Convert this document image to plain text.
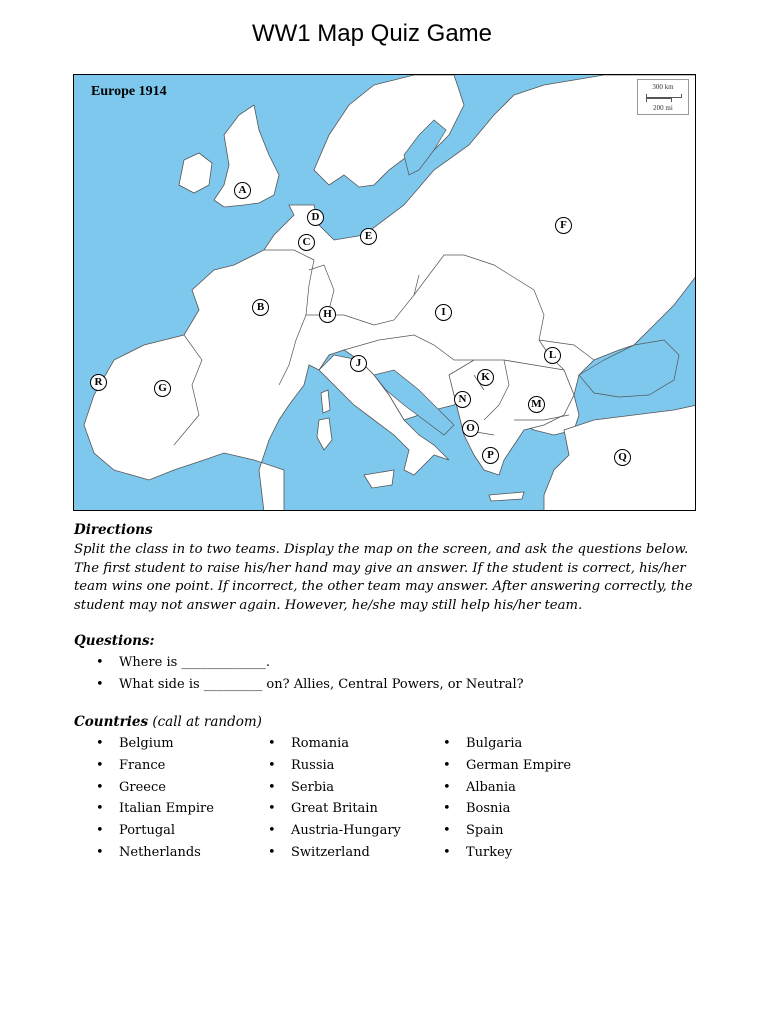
WW1 Map Quiz Game
Europe 1914	300 km
200 mi
A
B
C
D
E
F
G
H	I
J
K
L
M
N
O
P	Q
R
Directions
Split the class in to two teams. Display the map on the screen, and ask the questions below. The first student to raise his/her hand may give an answer. If the student is correct, his/her team wins one point. If incorrect, the other team may answer. After answering correctly, the student may not answer again. However, he/she may still help his/her team.
Questions:
• Where is _____________.
• What side is _________ on? Allies, Central Powers, or Neutral?
Countries (call at random)
• Belgium
• France
• Greece
• Italian Empire
• Portugal
• Netherlands
• Romania
• Russia
• Serbia
• Great Britain
• Austria-Hungary
• Switzerland
• Bulgaria
• German Empire
• Albania
• Bosnia
• Spain
• Turkey
